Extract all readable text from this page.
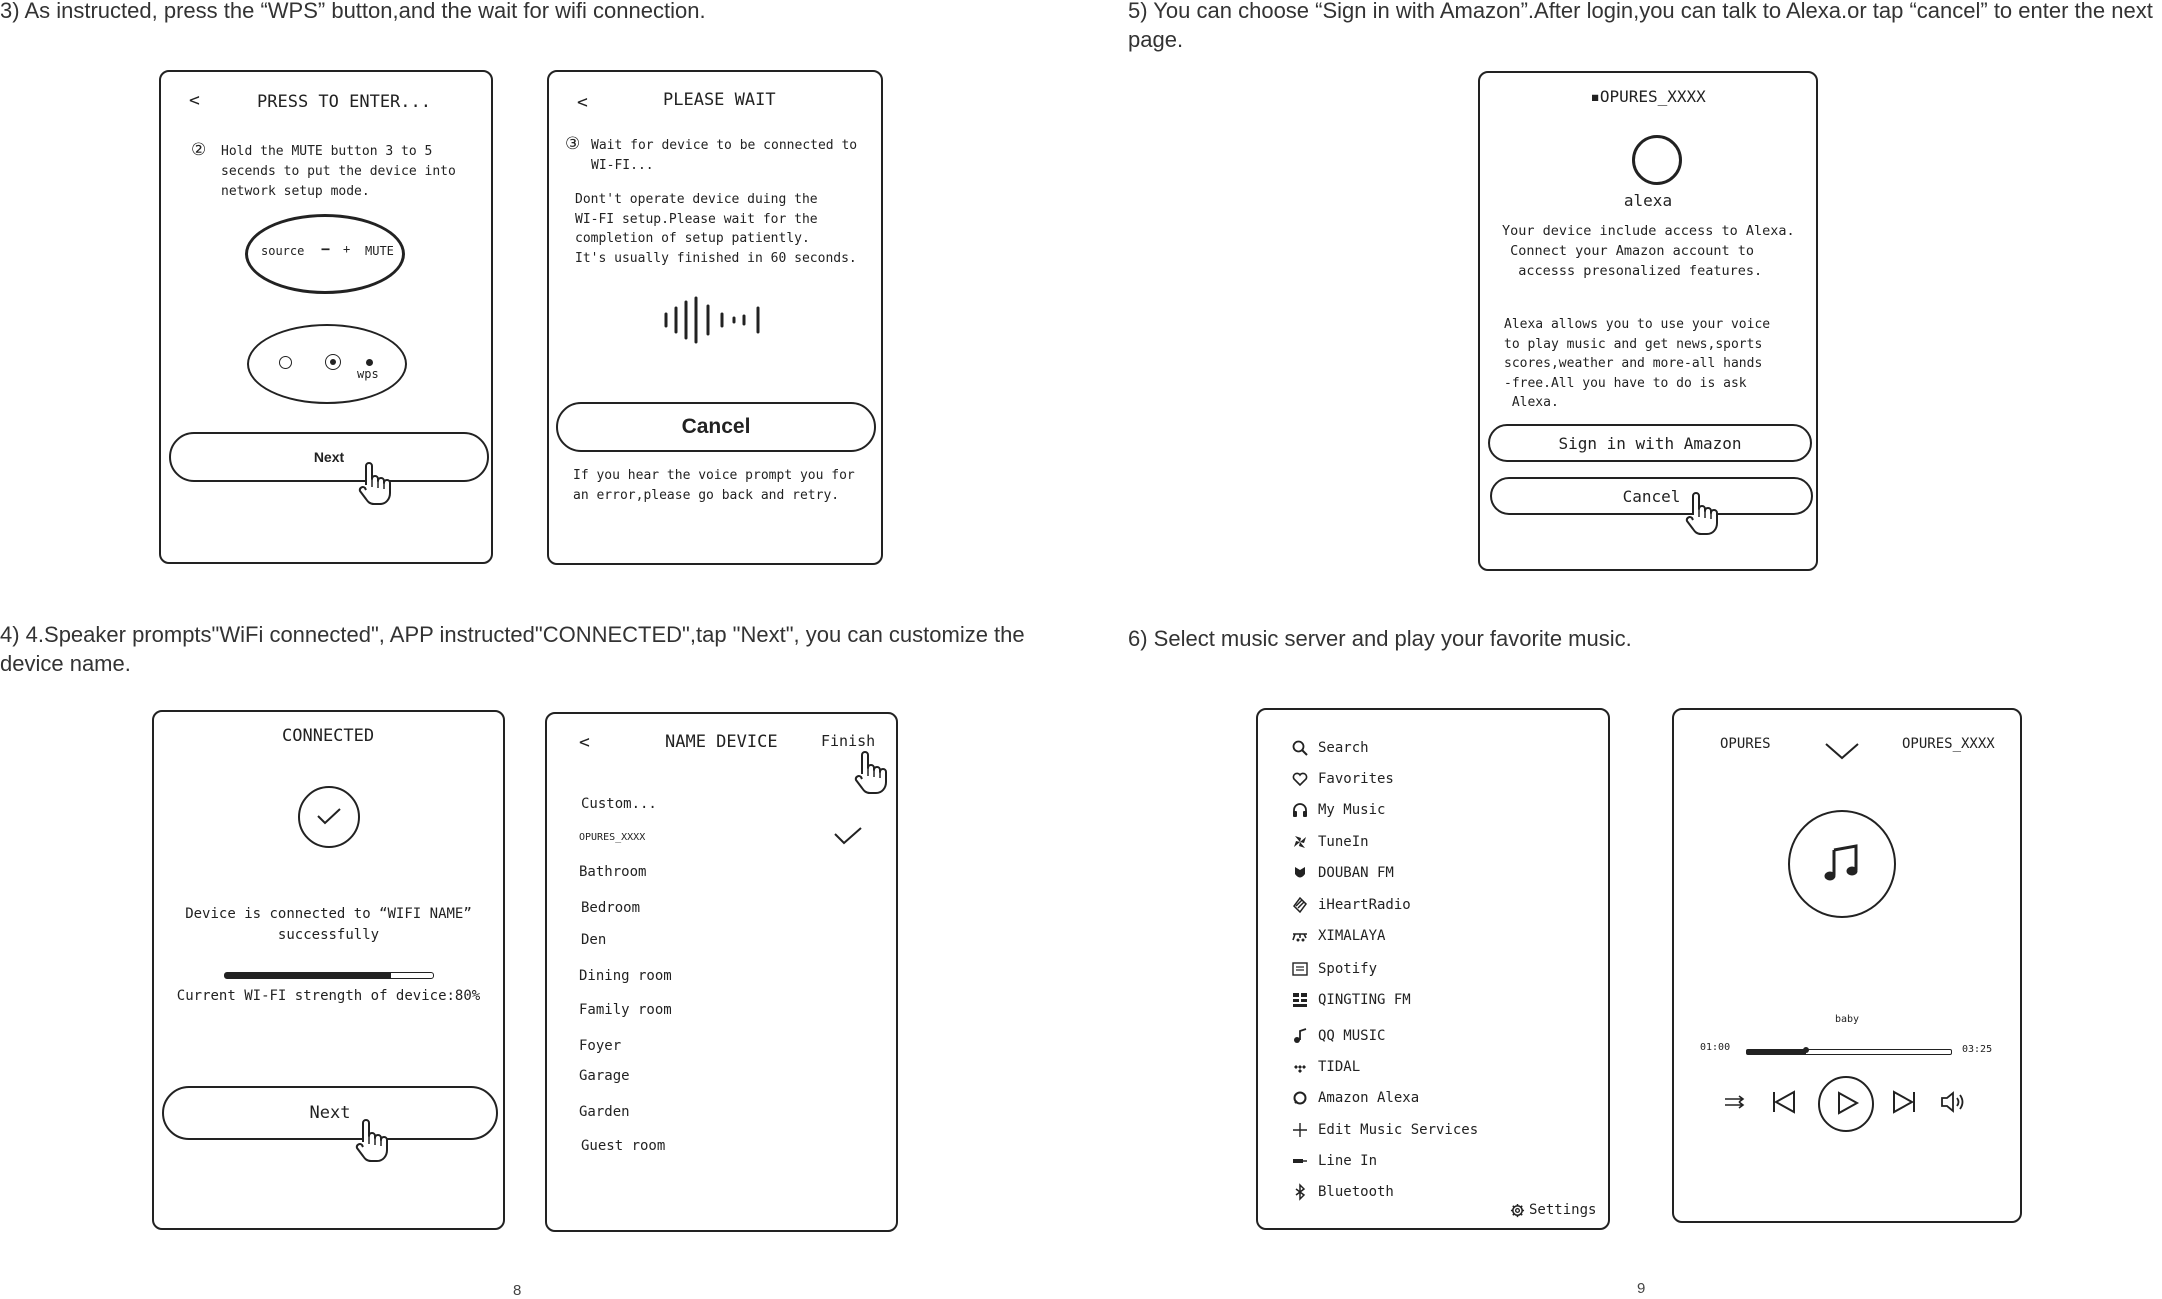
3) As instructed, press the “WPS” button,and the wait for wifi connection.
4) 4.Speaker prompts"WiFi connected", APP instructed"CONNECTED",tap "Next", you can customize the
device name.
8
5) You can choose “Sign in with Amazon”.After login,you can talk to Alexa.or tap “cancel” to enter the next
page.
6) Select music server and play your favorite music.
9
<	PRESS TO ENTER...
② Hold the MUTE button 3 to 5
secends to put the device into
network setup mode.
source − + MUTE
wps
Next
<	PLEASE WAIT
③ Wait for device to be connected to
WI-FI...
Dont't operate device duing the
WI-FI setup.Please wait for the
completion of setup patiently.
It's usually finished in 60 seconds.
Cancel
If you hear the voice prompt you for
an error,please go back and retry.
CONNECTED
Device is connected to “WIFI NAME”
successfully
Current WI-FI strength of device:80%
Next
<	NAME DEVICE	Finish
Custom...
OPURES_XXXX
Bathroom
Bedroom
Den
Dining room
Family room
Foyer
Garage
Garden
Guest room
▪OPURES_XXXX
alexa
Your device include access to Alexa.
Connect your Amazon account to
accesss presonalized features.
Alexa allows you to use your voice
to play music and get news,sports
scores,weather and more-all hands
-free.All you have to do is ask
Alexa.
Sign in with Amazon
Cancel
Search
Favorites
My Music
TuneIn
DOUBAN FM
iHeartRadio
XIMALAYA
Spotify
QINGTING FM
QQ MUSIC
TIDAL
Amazon Alexa
Edit Music Services
Line In
Bluetooth
Settings
OPURES	OPURES_XXXX
baby
01:00	03:25
